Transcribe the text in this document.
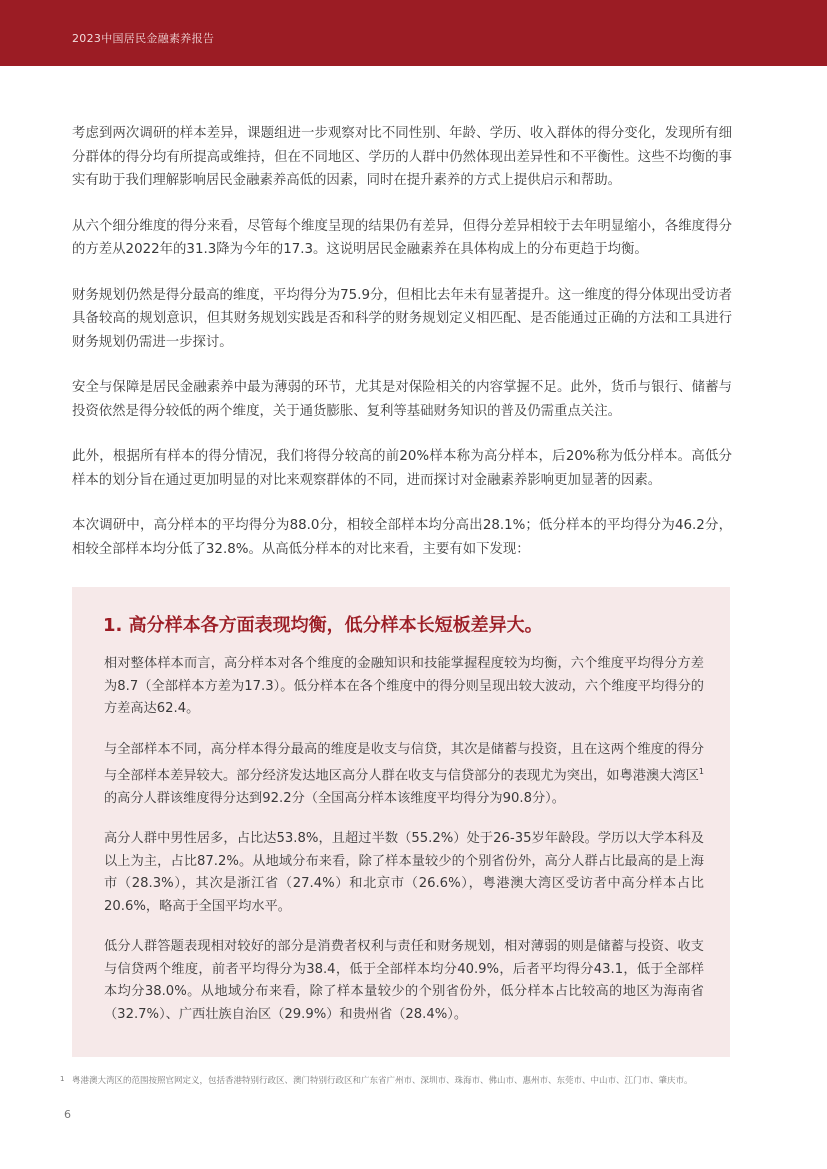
2023中国居民金融素养报告

考虑到两次调研的样本差异，课题组进一步观察对比不同性别、年龄、学历、收入群体的得分变化，发现所有细分群体的得分均有所提高或维持，但在不同地区、学历的人群中仍然体现出差异性和不平衡性。这些不均衡的事实有助于我们理解影响居民金融素养高低的因素，同时在提升素养的方式上提供启示和帮助。

从六个细分维度的得分来看，尽管每个维度呈现的结果仍有差异，但得分差异相较于去年明显缩小，各维度得分的方差从2022年的31.3降为今年的17.3。这说明居民金融素养在具体构成上的分布更趋于均衡。

财务规划仍然是得分最高的维度，平均得分为75.9分，但相比去年未有显著提升。这一维度的得分体现出受访者具备较高的规划意识，但其财务规划实践是否和科学的财务规划定义相匹配、是否能通过正确的方法和工具进行财务规划仍需进一步探讨。

安全与保障是居民金融素养中最为薄弱的环节，尤其是对保险相关的内容掌握不足。此外，货币与银行、储蓄与投资依然是得分较低的两个维度，关于通货膨胀、复利等基础财务知识的普及仍需重点关注。

此外，根据所有样本的得分情况，我们将得分较高的前20%样本称为高分样本，后20%称为低分样本。高低分样本的划分旨在通过更加明显的对比来观察群体的不同，进而探讨对金融素养影响更加显著的因素。

本次调研中，高分样本的平均得分为88.0分，相较全部样本均分高出28.1%；低分样本的平均得分为46.2分，相较全部样本均分低了32.8%。从高低分样本的对比来看，主要有如下发现：

1. 高分样本各方面表现均衡，低分样本长短板差异大。

相对整体样本而言，高分样本对各个维度的金融知识和技能掌握程度较为均衡，六个维度平均得分方差为8.7（全部样本方差为17.3）。低分样本在各个维度中的得分则呈现出较大波动，六个维度平均得分的方差高达62.4。

与全部样本不同，高分样本得分最高的维度是收支与信贷，其次是储蓄与投资，且在这两个维度的得分与全部样本差异较大。部分经济发达地区高分人群在收支与信贷部分的表现尤为突出，如粤港澳大湾区$^1$的高分人群该维度得分达到92.2分（全国高分样本该维度平均得分为90.8分）。

高分人群中男性居多，占比达53.8%，且超过半数（55.2%）处于26-35岁年龄段。学历以大学本科及以上为主，占比87.2%。从地域分布来看，除了样本量较少的个别省份外，高分人群占比最高的是上海市（28.3%），其次是浙江省（27.4%）和北京市（26.6%），粤港澳大湾区受访者中高分样本占比20.6%，略高于全国平均水平。

低分人群答题表现相对较好的部分是消费者权利与责任和财务规划，相对薄弱的则是储蓄与投资、收支与信贷两个维度，前者平均得分为38.4，低于全部样本均分40.9%，后者平均得分43.1，低于全部样本均分38.0%。从地域分布来看，除了样本量较少的个别省份外，低分样本占比较高的地区为海南省（32.7%）、广西壮族自治区（29.9%）和贵州省（28.4%）。

1 粤港澳大湾区的范围按照官网定义，包括香港特别行政区、澳门特别行政区和广东省广州市、深圳市、珠海市、佛山市、惠州市、东莞市、中山市、江门市、肇庆市。
6
